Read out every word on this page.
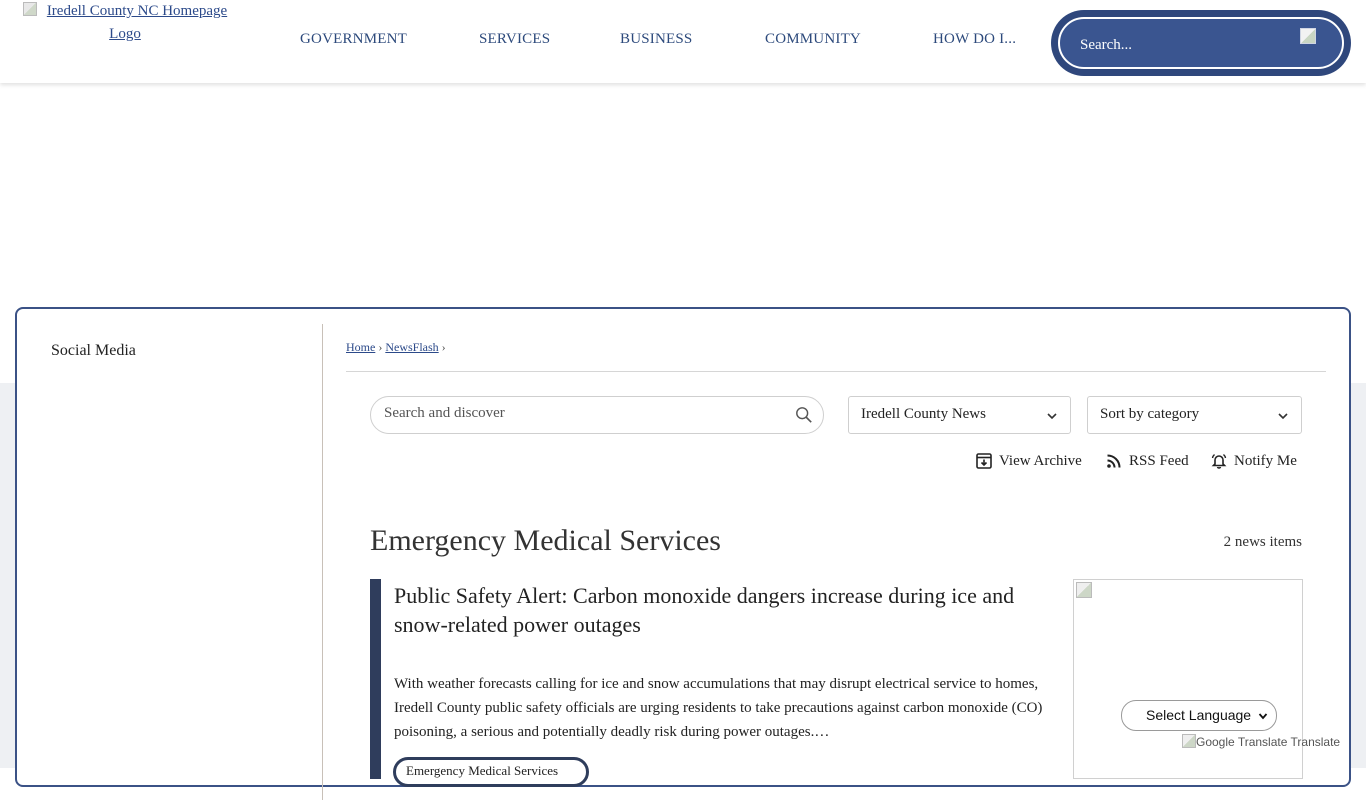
Iredell County NC Homepage Logo	GOVERNMENT	SERVICES	BUSINESS	COMMUNITY	HOW DO I...	Search...
Social Media	Home › NewsFlash ›
Search and discover
Iredell County News	Sort by category
View Archive	RSS Feed	Notify Me
Emergency Medical Services	2 news items
Public Safety Alert: Carbon monoxide dangers increase during ice and snow-related power outages

With weather forecasts calling for ice and snow accumulations that may disrupt electrical service to homes, Iredell County public safety officials are urging residents to take precautions against carbon monoxide (CO) poisoning, a serious and potentially deadly risk during power outages.…

Emergency Medical Services
Select Language
Google Translate Translate
